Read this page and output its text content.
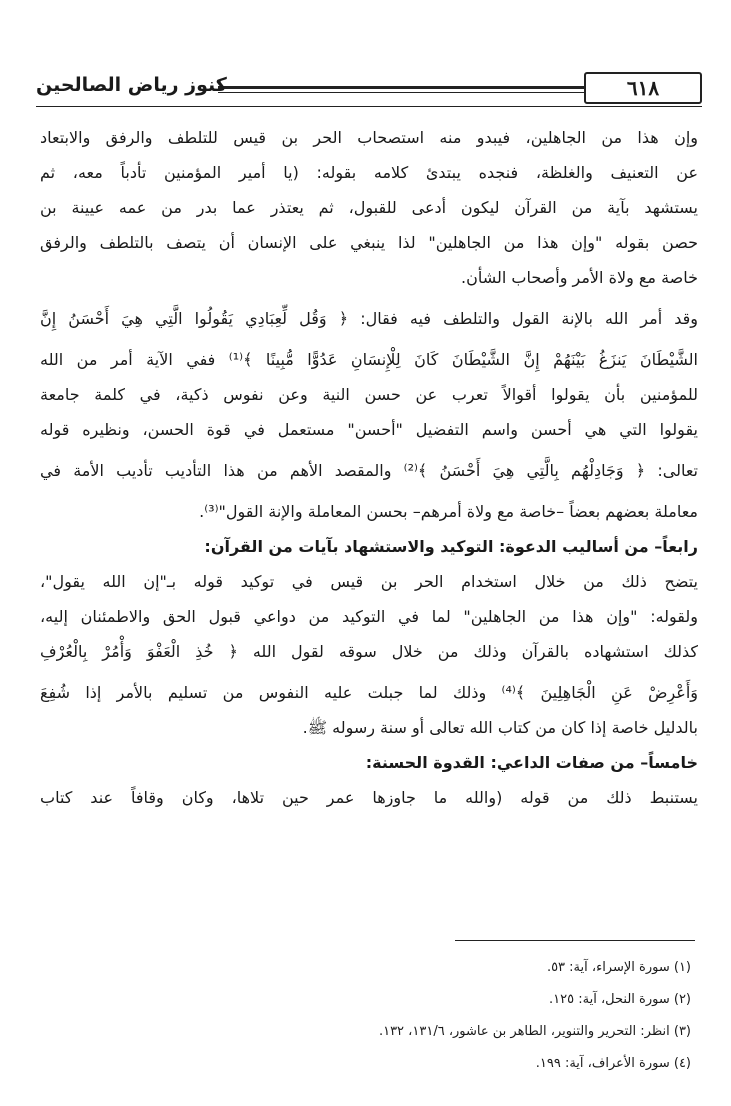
٦١٨
كنوز رياض الصالحين
وإن هذا من الجاهلين، فيبدو منه استصحاب الحر بن قيس للتلطف والرفق والابتعاد
عن التعنيف والغلظة، فنجده يبتدئ كلامه بقوله: (يا أمير المؤمنين تأدباً معه، ثم
يستشهد بآية من القرآن ليكون أدعى للقبول، ثم يعتذر عما بدر من عمه عيينة بن
حصن بقوله "وإن هذا من الجاهلين" لذا ينبغي على الإنسان أن يتصف بالتلطف والرفق
خاصة مع ولاة الأمر وأصحاب الشأن.
وقد أمر الله بالإنة القول والتلطف فيه فقال: ﴿ وَقُل لِّعِبَادِي يَقُولُوا الَّتِي هِيَ أَحْسَنُ إِنَّ
الشَّيْطَانَ يَنزَغُ بَيْنَهُمْ إِنَّ الشَّيْطَانَ كَانَ لِلْإِنسَانِ عَدُوًّا مُّبِينًا ﴾⁽¹⁾ ففي الآية أمر من الله
للمؤمنين بأن يقولوا أقوالاً تعرب عن حسن النية وعن نفوس ذكية، في كلمة جامعة
يقولوا التي هي أحسن واسم التفضيل "أحسن" مستعمل في قوة الحسن، ونظيره قوله
تعالى: ﴿ وَجَادِلْهُم بِالَّتِي هِيَ أَحْسَنُ ﴾⁽²⁾ والمقصد الأهم من هذا التأديب تأديب الأمة في
معاملة بعضهم بعضاً –خاصة مع ولاة أمرهم– بحسن المعاملة والإنة القول"⁽³⁾.
رابعاً– من أساليب الدعوة: التوكيد والاستشهاد بآيات من القرآن:
يتضح ذلك من خلال استخدام الحر بن قيس في توكيد قوله بـ"إن الله يقول"،
ولقوله: "وإن هذا من الجاهلين" لما في التوكيد من دواعي قبول الحق والاطمئنان إليه،
كذلك استشهاده بالقرآن وذلك من خلال سوقه لقول الله ﴿ خُذِ الْعَفْوَ وَأْمُرْ بِالْعُرْفِ
وَأَعْرِضْ عَنِ الْجَاهِلِينَ ﴾⁽⁴⁾ وذلك لما جبلت عليه النفوس من تسليم بالأمر إذا شُفِعَ
بالدليل خاصة إذا كان من كتاب الله تعالى أو سنة رسوله ﷺ.
خامساً– من صفات الداعي: القدوة الحسنة:
يستنبط ذلك من قوله (والله ما جاوزها عمر حين تلاها، وكان وقافاً عند كتاب
(١) سورة الإسراء، آية: ٥٣.
(٢) سورة النحل، آية: ١٢٥.
(٣) انظر: التحرير والتنوير، الطاهر بن عاشور، ١٣١/٦، ١٣٢.
(٤) سورة الأعراف، آية: ١٩٩.
